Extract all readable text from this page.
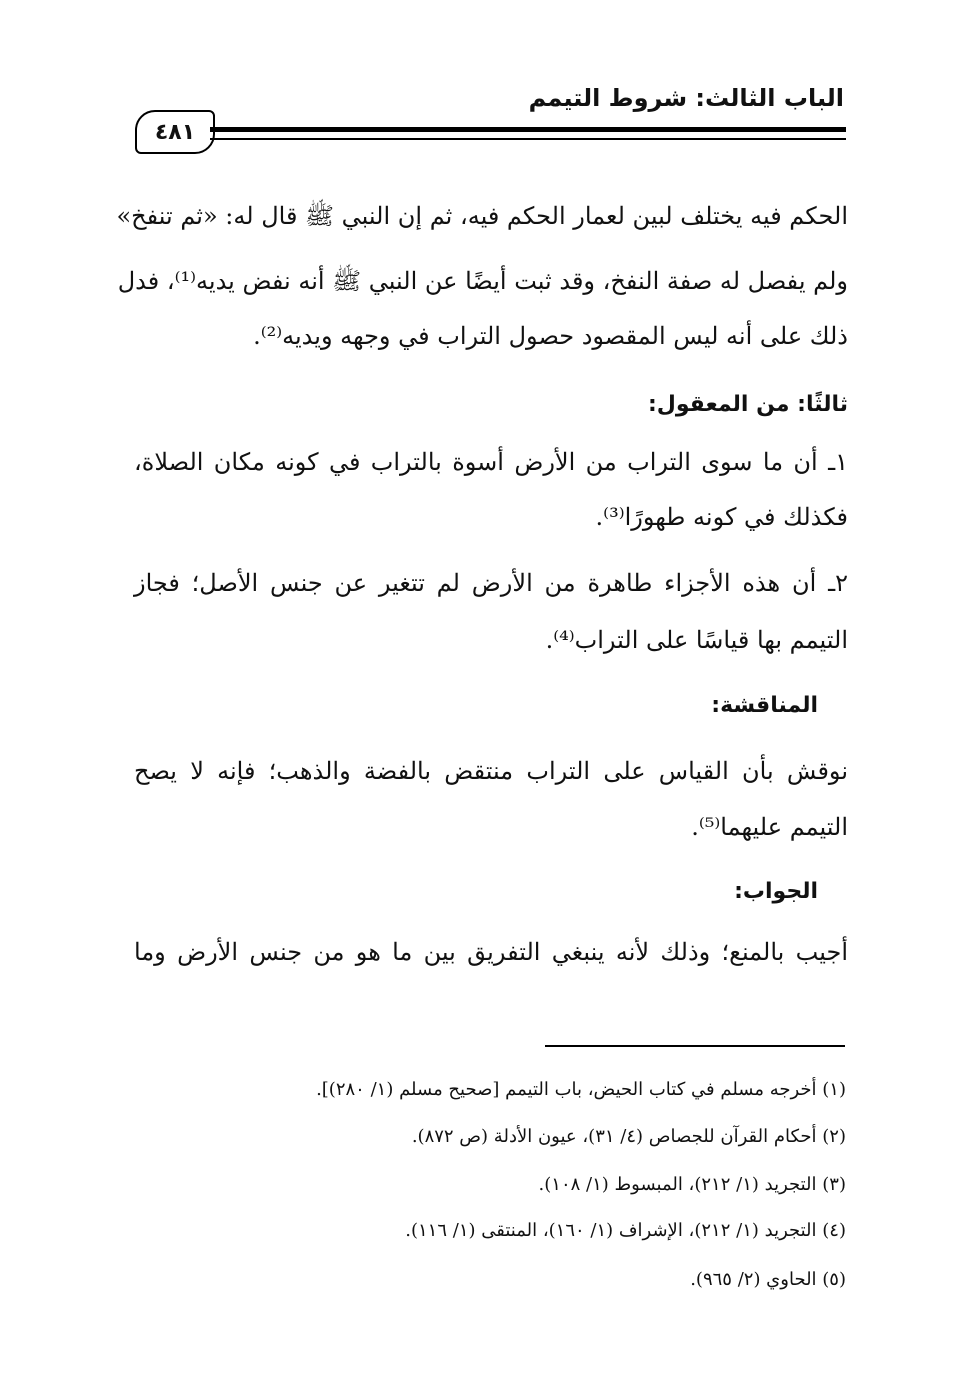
الباب الثالث: شروط التيمم
٤٨١
الحكم فيه يختلف لبين لعمار الحكم فيه، ثم إن النبي ﷺ قال له: «ثم تنفخ»
ولم يفصل له صفة النفخ، وقد ثبت أيضًا عن النبي ﷺ أنه نفض يديه⁽¹⁾، فدل
ذلك على أنه ليس المقصود حصول التراب في وجهه ويديه⁽²⁾.
ثالثًا: من المعقول:
١ـ أن ما سوى التراب من الأرض أسوة بالتراب في كونه مكان الصلاة،
فكذلك في كونه طهورًا⁽³⁾.
٢ـ أن هذه الأجزاء طاهرة من الأرض لم تتغير عن جنس الأصل؛ فجاز
التيمم بها قياسًا على التراب⁽⁴⁾.
المناقشة:
نوقش بأن القياس على التراب منتقض بالفضة والذهب؛ فإنه لا يصح
التيمم عليهما⁽⁵⁾.
الجواب:
أجيب بالمنع؛ وذلك لأنه ينبغي التفريق بين ما هو من جنس الأرض وما
(١) أخرجه مسلم في كتاب الحيض، باب التيمم [صحيح مسلم (١/ ٢٨٠)].
(٢) أحكام القرآن للجصاص (٤/ ٣١)، عيون الأدلة (ص ٨٧٢).
(٣) التجريد (١/ ٢١٢)، المبسوط (١/ ١٠٨).
(٤) التجريد (١/ ٢١٢)، الإشراف (١/ ١٦٠)، المنتقى (١/ ١١٦).
(٥) الحاوي (٢/ ٩٦٥).
